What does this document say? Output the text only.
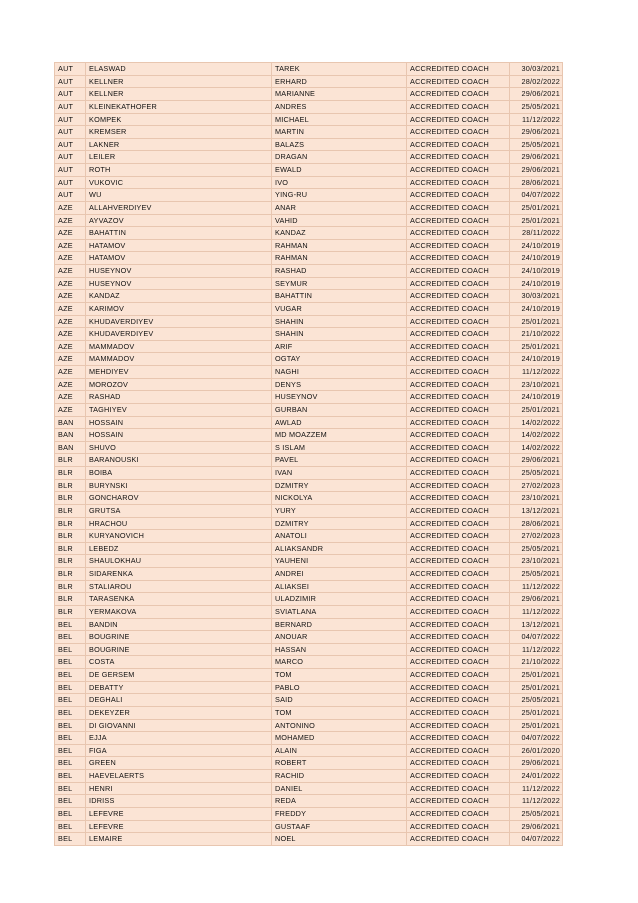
AUT	ELASWAD	TAREK	ACCREDITED COACH	30/03/2021
AUT	KELLNER	ERHARD	ACCREDITED COACH	28/02/2022
AUT	KELLNER	MARIANNE	ACCREDITED COACH	29/06/2021
AUT	KLEINEKATHOFER	ANDRES	ACCREDITED COACH	25/05/2021
AUT	KOMPEK	MICHAEL	ACCREDITED COACH	11/12/2022
AUT	KREMSER	MARTIN	ACCREDITED COACH	29/06/2021
AUT	LAKNER	BALAZS	ACCREDITED COACH	25/05/2021
AUT	LEILER	DRAGAN	ACCREDITED COACH	29/06/2021
AUT	ROTH	EWALD	ACCREDITED COACH	29/06/2021
AUT	VUKOVIC	IVO	ACCREDITED COACH	28/06/2021
AUT	WU	YING-RU	ACCREDITED COACH	04/07/2022
AZE	ALLAHVERDIYEV	ANAR	ACCREDITED COACH	25/01/2021
AZE	AYVAZOV	VAHID	ACCREDITED COACH	25/01/2021
AZE	BAHATTIN	KANDAZ	ACCREDITED COACH	28/11/2022
AZE	HATAMOV	RAHMAN	ACCREDITED COACH	24/10/2019
AZE	HATAMOV	RAHMAN	ACCREDITED COACH	24/10/2019
AZE	HUSEYNOV	RASHAD	ACCREDITED COACH	24/10/2019
AZE	HUSEYNOV	SEYMUR	ACCREDITED COACH	24/10/2019
AZE	KANDAZ	BAHATTIN	ACCREDITED COACH	30/03/2021
AZE	KARIMOV	VUGAR	ACCREDITED COACH	24/10/2019
AZE	KHUDAVERDIYEV	SHAHIN	ACCREDITED COACH	25/01/2021
AZE	KHUDAVERDIYEV	SHAHIN	ACCREDITED COACH	21/10/2022
AZE	MAMMADOV	ARIF	ACCREDITED COACH	25/01/2021
AZE	MAMMADOV	OGTAY	ACCREDITED COACH	24/10/2019
AZE	MEHDIYEV	NAGHI	ACCREDITED COACH	11/12/2022
AZE	MOROZOV	DENYS	ACCREDITED COACH	23/10/2021
AZE	RASHAD	HUSEYNOV	ACCREDITED COACH	24/10/2019
AZE	TAGHIYEV	GURBAN	ACCREDITED COACH	25/01/2021
BAN	HOSSAIN	AWLAD	ACCREDITED COACH	14/02/2022
BAN	HOSSAIN	MD MOAZZEM	ACCREDITED COACH	14/02/2022
BAN	SHUVO	S ISLAM	ACCREDITED COACH	14/02/2022
BLR	BARANOUSKI	PAVEL	ACCREDITED COACH	29/06/2021
BLR	BOIBA	IVAN	ACCREDITED COACH	25/05/2021
BLR	BURYNSKI	DZMITRY	ACCREDITED COACH	27/02/2023
BLR	GONCHAROV	NICKOLYA	ACCREDITED COACH	23/10/2021
BLR	GRUTSA	YURY	ACCREDITED COACH	13/12/2021
BLR	HRACHOU	DZMITRY	ACCREDITED COACH	28/06/2021
BLR	KURYANOVICH	ANATOLI	ACCREDITED COACH	27/02/2023
BLR	LEBEDZ	ALIAKSANDR	ACCREDITED COACH	25/05/2021
BLR	SHAULOKHAU	YAUHENI	ACCREDITED COACH	23/10/2021
BLR	SIDARENKA	ANDREI	ACCREDITED COACH	25/05/2021
BLR	STALIAROU	ALIAKSEI	ACCREDITED COACH	11/12/2022
BLR	TARASENKA	ULADZIMIR	ACCREDITED COACH	29/06/2021
BLR	YERMAKOVA	SVIATLANA	ACCREDITED COACH	11/12/2022
BEL	BANDIN	BERNARD	ACCREDITED COACH	13/12/2021
BEL	BOUGRINE	ANOUAR	ACCREDITED COACH	04/07/2022
BEL	BOUGRINE	HASSAN	ACCREDITED COACH	11/12/2022
BEL	COSTA	MARCO	ACCREDITED COACH	21/10/2022
BEL	DE GERSEM	TOM	ACCREDITED COACH	25/01/2021
BEL	DEBATTY	PABLO	ACCREDITED COACH	25/01/2021
BEL	DEGHALI	SAID	ACCREDITED COACH	25/05/2021
BEL	DEKEYZER	TOM	ACCREDITED COACH	25/01/2021
BEL	DI GIOVANNI	ANTONINO	ACCREDITED COACH	25/01/2021
BEL	EJJA	MOHAMED	ACCREDITED COACH	04/07/2022
BEL	FIGA	ALAIN	ACCREDITED COACH	26/01/2020
BEL	GREEN	ROBERT	ACCREDITED COACH	29/06/2021
BEL	HAEVELAERTS	RACHID	ACCREDITED COACH	24/01/2022
BEL	HENRI	DANIEL	ACCREDITED COACH	11/12/2022
BEL	IDRISS	REDA	ACCREDITED COACH	11/12/2022
BEL	LEFEVRE	FREDDY	ACCREDITED COACH	25/05/2021
BEL	LEFEVRE	GUSTAAF	ACCREDITED COACH	29/06/2021
BEL	LEMAIRE	NOEL	ACCREDITED COACH	04/07/2022
